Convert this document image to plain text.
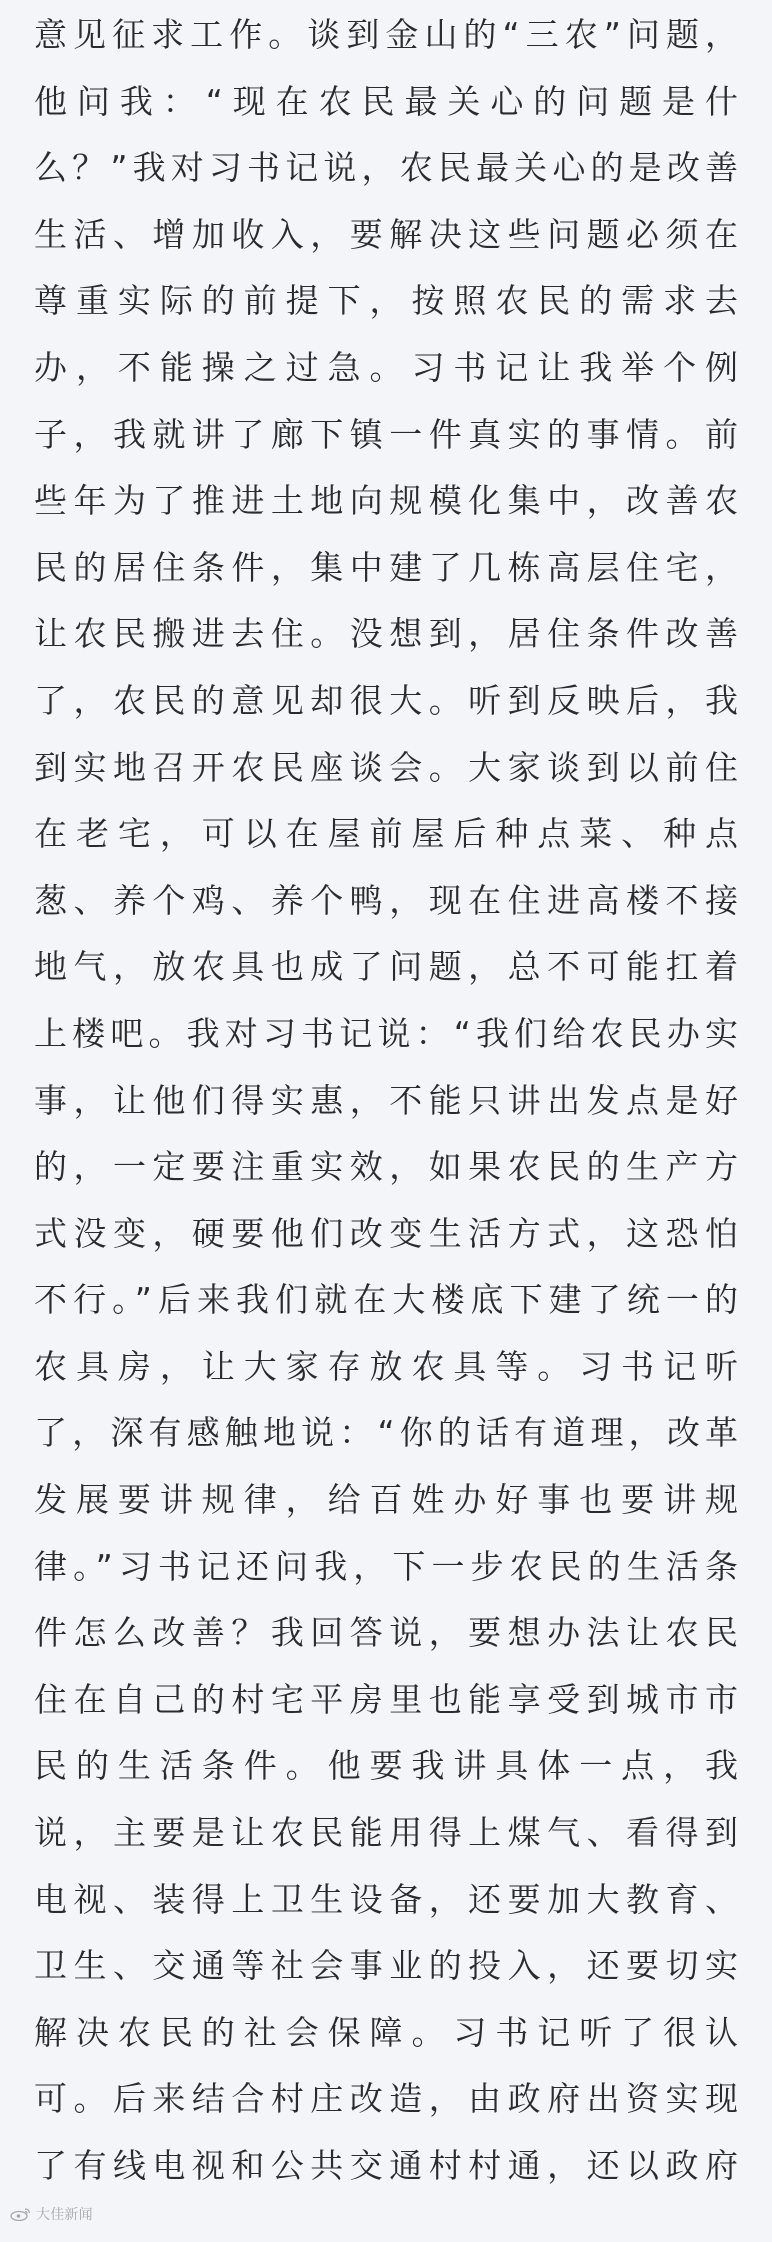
意见征求工作。谈到金山的“三农”问题，
他问我：“现在农民最关心的问题是什
么？”我对习书记说，农民最关心的是改善
生活、增加收入，要解决这些问题必须在
尊重实际的前提下，按照农民的需求去
办，不能操之过急。习书记让我举个例
子，我就讲了廊下镇一件真实的事情。前
些年为了推进土地向规模化集中，改善农
民的居住条件，集中建了几栋高层住宅，
让农民搬进去住。没想到，居住条件改善
了，农民的意见却很大。听到反映后，我
到实地召开农民座谈会。大家谈到以前住
在老宅，可以在屋前屋后种点菜、种点
葱、养个鸡、养个鸭，现在住进高楼不接
地气，放农具也成了问题，总不可能扛着
上楼吧。我对习书记说：“我们给农民办实
事，让他们得实惠，不能只讲出发点是好
的，一定要注重实效，如果农民的生产方
式没变，硬要他们改变生活方式，这恐怕
不行。”后来我们就在大楼底下建了统一的
农具房，让大家存放农具等。习书记听
了，深有感触地说：“你的话有道理，改革
发展要讲规律，给百姓办好事也要讲规
律。”习书记还问我，下一步农民的生活条
件怎么改善？我回答说，要想办法让农民
住在自己的村宅平房里也能享受到城市市
民的生活条件。他要我讲具体一点，我
说，主要是让农民能用得上煤气、看得到
电视、装得上卫生设备，还要加大教育、
卫生、交通等社会事业的投入，还要切实
解决农民的社会保障。习书记听了很认
可。后来结合村庄改造，由政府出资实现
了有线电视和公共交通村村通，还以政府
大佳新闻
